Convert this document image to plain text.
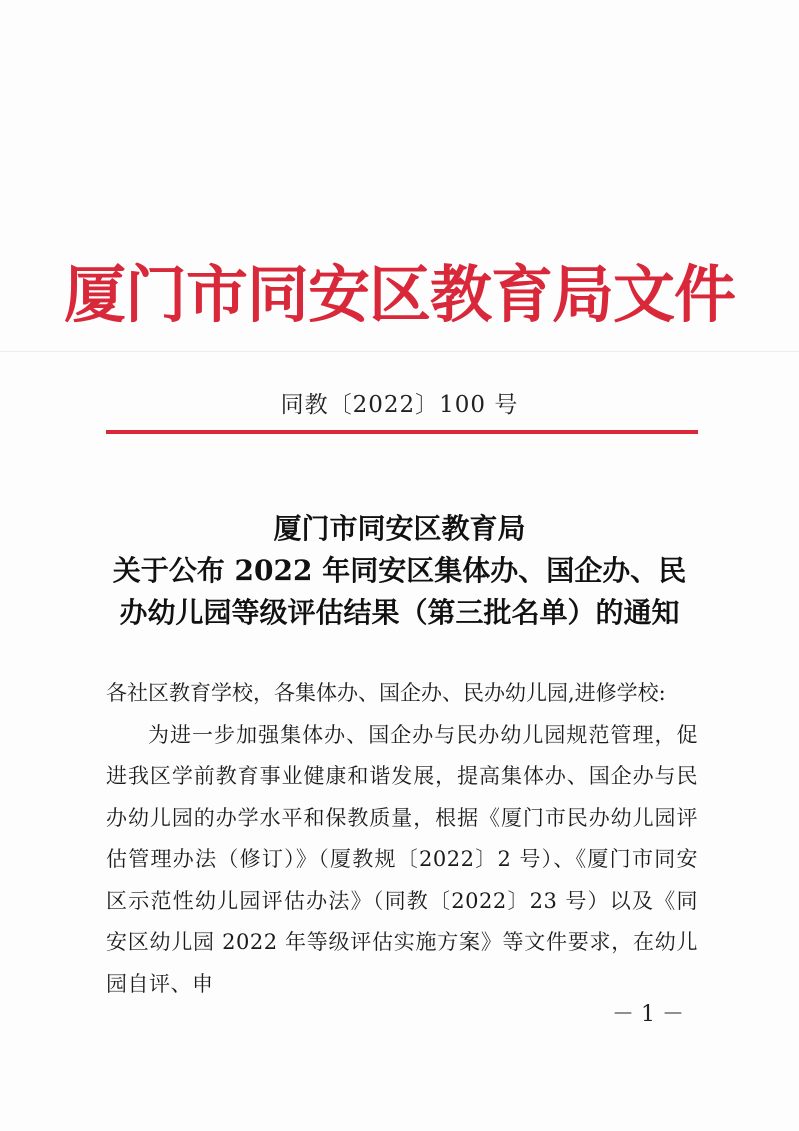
厦门市同安区教育局文件
同教〔2022〕100 号
厦门市同安区教育局
关于公布 2022 年同安区集体办、国企办、民
办幼儿园等级评估结果（第三批名单）的通知
各社区教育学校，各集体办、国企办、民办幼儿园,进修学校:
为进一步加强集体办、国企办与民办幼儿园规范管理，促进我区学前教育事业健康和谐发展，提高集体办、国企办与民办幼儿园的办学水平和保教质量，根据《厦门市民办幼儿园评估管理办法（修订）》（厦教规〔2022〕2 号）、《厦门市同安区示范性幼儿园评估办法》（同教〔2022〕23 号）以及《同安区幼儿园 2022 年等级评估实施方案》等文件要求，在幼儿园自评、申
－ 1 －
